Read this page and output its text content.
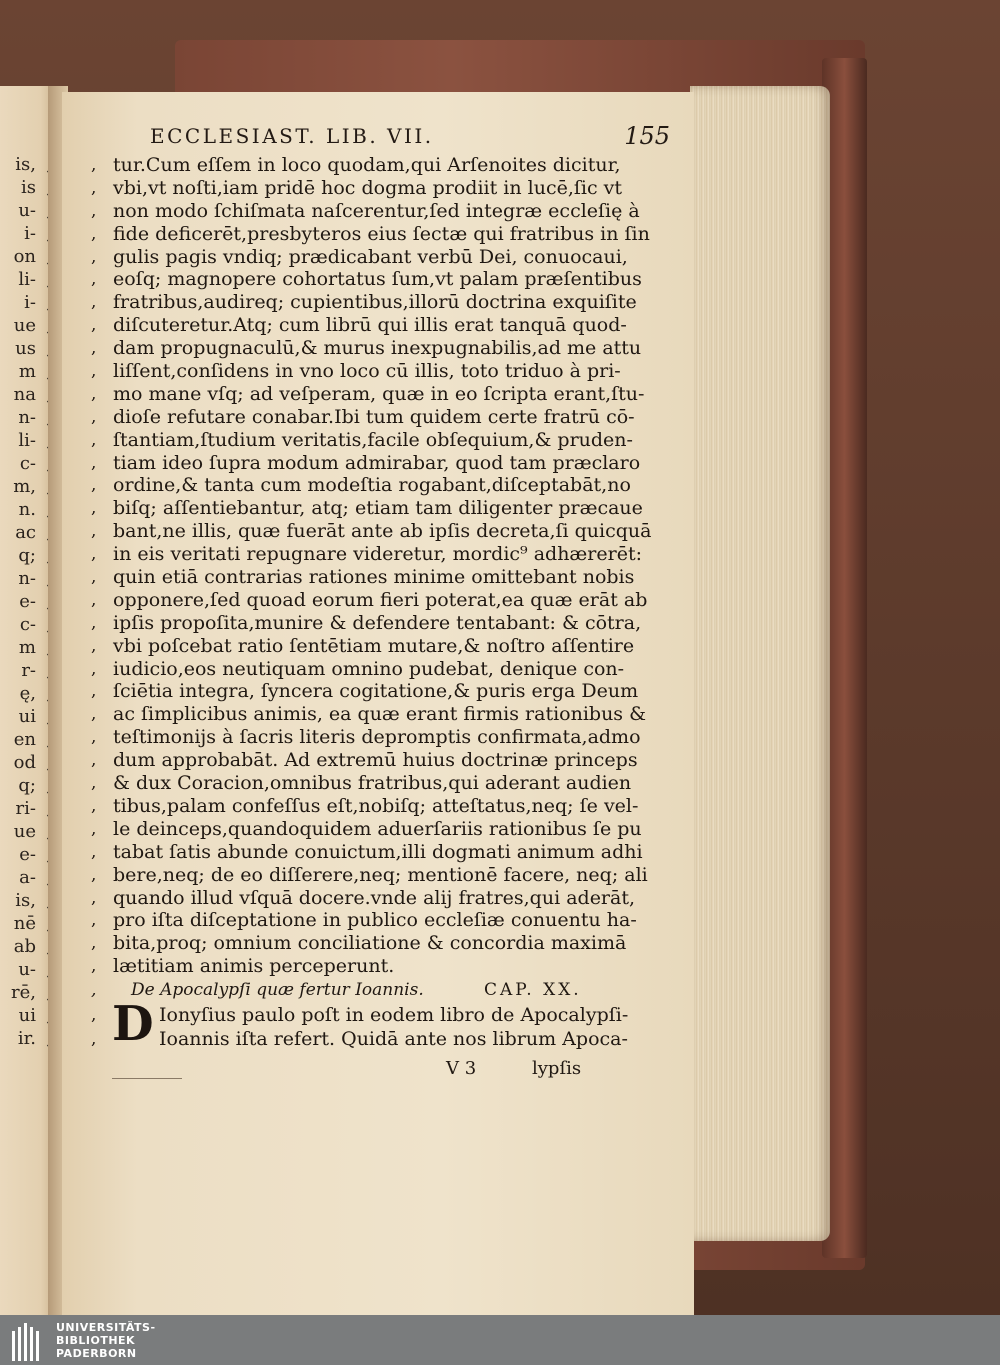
is,
is
u-
i-
on
li-
i-
ue
us
m
na
n-
li-
c-
m,
n.
ac
q;
n-
e-
c-
m
r-
ę,
ui
en
od
q;
ri-
ue
e-
a-
is,
nē
ab
u-
rē,
ui
ir.
ECCLESIAST. LIB. VII.	155
, tur.Cum eſſem in loco quodam,qui Arſenoites dicitur,
, vbi,vt noſti,iam pridē hoc dogma prodiit in lucē,ſic vt
, non modo ſchiſmata naſcerentur,ſed integræ eccleſię à
, fide deficerēt,presbyteros eius ſectæ qui fratribus in ſin
, gulis pagis vndiq; prædicabant verbū Dei, conuocaui,
, eoſq; magnopere cohortatus ſum,vt palam præſentibus
, fratribus,audireq; cupientibus,illorū doctrina exquiſite
, diſcuteretur.Atq; cum librū qui illis erat tanquā quod-
, dam propugnaculū,& murus inexpugnabilis,ad me attu
, liſſent,conſidens in vno loco cū illis, toto triduo à pri-
, mo mane vſq; ad veſperam, quæ in eo ſcripta erant,ſtu-
, dioſe refutare conabar.Ibi tum quidem certe fratrū cō-
, ſtantiam,ſtudium veritatis,facile obſequium,& pruden-
, tiam ideo ſupra modum admirabar, quod tam præclaro
, ordine,& tanta cum modeſtia rogabant,diſceptabāt,no
, biſq; aſſentiebantur, atq; etiam tam diligenter præcaue
, bant,ne illis, quæ fuerāt ante ab ipſis decreta,ſi quicquā
, in eis veritati repugnare videretur, mordic⁹ adhærerēt:
, quin etiā contrarias rationes minime omittebant nobis
, opponere,ſed quoad eorum fieri poterat,ea quæ erāt ab
, ipſis propoſita,munire & defendere tentabant: & cōtra,
, vbi poſcebat ratio ſentētiam mutare,& noſtro aſſentire
, iudicio,eos neutiquam omnino pudebat, denique con-
, ſciētia integra, ſyncera cogitatione,& puris erga Deum
, ac ſimplicibus animis, ea quæ erant firmis rationibus &
, teſtimonijs à ſacris literis depromptis confirmata,admo
, dum approbabāt. Ad extremū huius doctrinæ princeps
, & dux Coracion,omnibus fratribus,qui aderant audien
, tibus,palam confeſſus eſt,nobiſq; atteſtatus,neq; ſe vel-
, le deinceps,quandoquidem aduerſariis rationibus ſe pu
, tabat ſatis abunde conuictum,illi dogmati animum adhi
, bere,neq; de eo diſſerere,neq; mentionē facere, neq; ali
, quando illud vſquā docere.vnde alij fratres,qui aderāt,
, pro iſta diſceptatione in publico eccleſiæ conuentu ha-
, bita,proq; omnium conciliatione & concordia maximā
, lætitiam animis perceperunt.
, De Apocalypſi quæ fertur Ioannis.	CAP. XX.
D
V 3	lypſis
,	Ionyſius paulo poſt in eodem libro de Apocalypſi-
,	Ioannis iſta refert. Quidā ante nos librum Apoca-
UNIVERSITÄTS-
BIBLIOTHEK
PADERBORN
